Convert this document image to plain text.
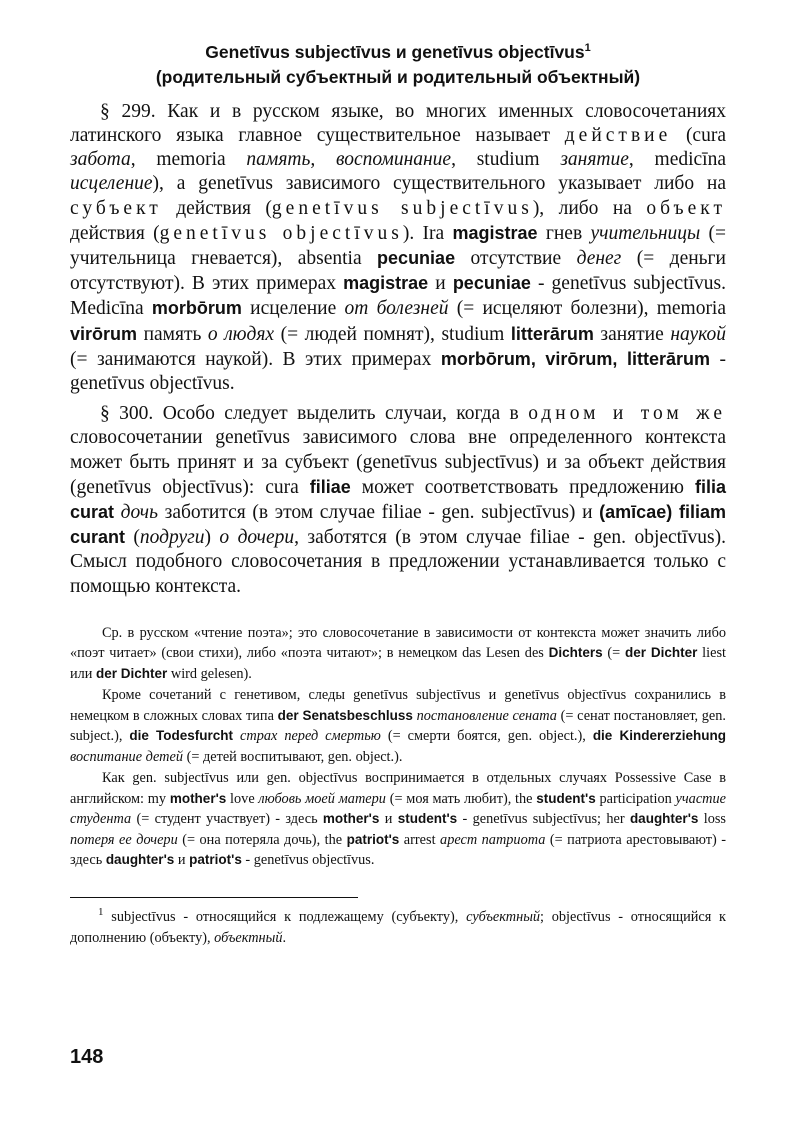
Genetīvus subjectīvus и genetīvus objectīvus$^1$
(родительный субъектный и родительный объектный)

§ 299. Как и в русском языке, во многих именных словосочетаниях латинского языка главное существительное называет действие (cura забота, memoria память, воспоминание, studium занятие, medicīna исцеление), а genetīvus зависимого существительного указывает либо на субъект действия (genetīvus subjectīvus), либо на объект действия (genetīvus objectīvus). Ira magistrae гнев учительницы (= учительница гневается), absentia pecuniae отсутствие денег (= деньги отсутствуют). В этих примерах magistrae и pecuniae - genetīvus subjectīvus. Medicīna morbōrum исцеление от болезней (= исцеляют болезни), memoria virōrum память о людях (= людей помнят), studium litterārum занятие наукой (= занимаются наукой). В этих примерах morbōrum, virōrum, litterārum - genetīvus objectīvus.

§ 300. Особо следует выделить случаи, когда в одном и том же словосочетании genetīvus зависимого слова вне определенного контекста может быть принят и за субъект (genetīvus subjectīvus) и за объект действия (genetīvus objectīvus): cura filiae может соответствовать предложению filia curat дочь заботится (в этом случае filiae - gen. subjectīvus) и (amīcae) filiam curant (подруги) о дочери, заботятся (в этом случае filiae - gen. objectīvus). Смысл подобного словосочетания в предложении устанавливается только с помощью контекста.

Ср. в русском «чтение поэта»; это словосочетание в зависимости от контекста может значить либо «поэт читает» (свои стихи), либо «поэта читают»; в немецком das Lesen des Dichters (= der Dichter liest или der Dichter wird gelesen).

Кроме сочетаний с генетивом, следы genetīvus subjectīvus и genetīvus objectīvus сохранились в немецком в сложных словах типа der Senatsbeschluss постановление сената (= сенат постановляет, gen. subject.), die Todesfurcht страх перед смертью (= смерти боятся, gen. object.), die Kindererziehung воспитание детей (= детей воспитывают, gen. object.).

Как gen. subjectīvus или gen. objectīvus воспринимается в отдельных случаях Possessive Case в английском: my mother's love любовь моей матери (= моя мать любит), the student's participation участие студента (= студент участвует) - здесь mother's и student's - genetīvus subjectīvus; her daughter's loss потеря ее дочери (= она потеряла дочь), the patriot's arrest арест патриота (= патриота арестовывают) - здесь daughter's и patriot's - genetīvus objectīvus.

$^1$ subjectīvus - относящийся к подлежащему (субъекту), субъектный; objectīvus - относящийся к дополнению (объекту), объектный.
148
